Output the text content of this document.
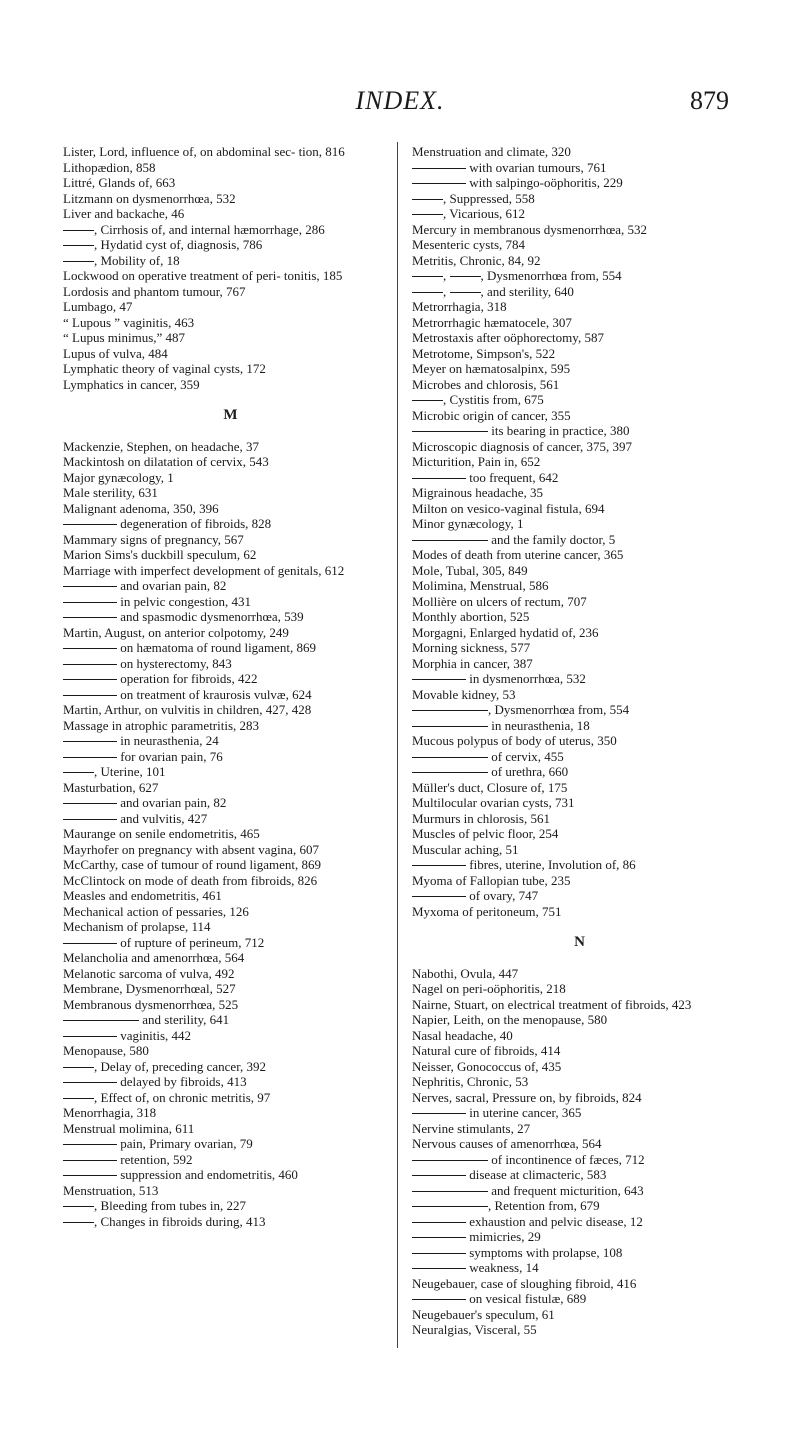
INDEX.	879

Lister, Lord, influence of, on abdominal sec- tion, 816

Lithopædion, 858

Littré, Glands of, 663

Litzmann on dysmenorrhœa, 532

Liver and backache, 46

, Cirrhosis of, and internal hæmorrhage, 286

, Hydatid cyst of, diagnosis, 786

, Mobility of, 18

Lockwood on operative treatment of peri- tonitis, 185

Lordosis and phantom tumour, 767

Lumbago, 47

“ Lupous ” vaginitis, 463

“ Lupus minimus,” 487

Lupus of vulva, 484

Lymphatic theory of vaginal cysts, 172

Lymphatics in cancer, 359

M

Mackenzie, Stephen, on headache, 37

Mackintosh on dilatation of cervix, 543

Major gynæcology, 1

Male sterility, 631

Malignant adenoma, 350, 396

degeneration of fibroids, 828

Mammary signs of pregnancy, 567

Marion Sims's duckbill speculum, 62

Marriage with imperfect development of genitals, 612

and ovarian pain, 82

in pelvic congestion, 431

and spasmodic dysmenorrhœa, 539

Martin, August, on anterior colpotomy, 249

on hæmatoma of round ligament, 869

on hysterectomy, 843

operation for fibroids, 422

on treatment of kraurosis vulvæ, 624

Martin, Arthur, on vulvitis in children, 427, 428

Massage in atrophic parametritis, 283

in neurasthenia, 24

for ovarian pain, 76

, Uterine, 101

Masturbation, 627

and ovarian pain, 82

and vulvitis, 427

Maurange on senile endometritis, 465

Mayrhofer on pregnancy with absent vagina, 607

McCarthy, case of tumour of round ligament, 869

McClintock on mode of death from fibroids, 826

Measles and endometritis, 461

Mechanical action of pessaries, 126

Mechanism of prolapse, 114

of rupture of perineum, 712

Melancholia and amenorrhœa, 564

Melanotic sarcoma of vulva, 492

Membrane, Dysmenorrhœal, 527

Membranous dysmenorrhœa, 525

and sterility, 641

vaginitis, 442

Menopause, 580

, Delay of, preceding cancer, 392

delayed by fibroids, 413

, Effect of, on chronic metritis, 97

Menorrhagia, 318

Menstrual molimina, 611

pain, Primary ovarian, 79

retention, 592

suppression and endometritis, 460

Menstruation, 513

, Bleeding from tubes in, 227

, Changes in fibroids during, 413

Menstruation and climate, 320

with ovarian tumours, 761

with salpingo-oöphoritis, 229

, Suppressed, 558

, Vicarious, 612

Mercury in membranous dysmenorrhœa, 532

Mesenteric cysts, 784

Metritis, Chronic, 84, 92

, , Dysmenorrhœa from, 554

, , and sterility, 640

Metrorrhagia, 318

Metrorrhagic hæmatocele, 307

Metrostaxis after oöphorectomy, 587

Metrotome, Simpson's, 522

Meyer on hæmatosalpinx, 595

Microbes and chlorosis, 561

, Cystitis from, 675

Microbic origin of cancer, 355

its bearing in practice, 380

Microscopic diagnosis of cancer, 375, 397

Micturition, Pain in, 652

too frequent, 642

Migrainous headache, 35

Milton on vesico-vaginal fistula, 694

Minor gynæcology, 1

and the family doctor, 5

Modes of death from uterine cancer, 365

Mole, Tubal, 305, 849

Molimina, Menstrual, 586

Mollière on ulcers of rectum, 707

Monthly abortion, 525

Morgagni, Enlarged hydatid of, 236

Morning sickness, 577

Morphia in cancer, 387

in dysmenorrhœa, 532

Movable kidney, 53

, Dysmenorrhœa from, 554

in neurasthenia, 18

Mucous polypus of body of uterus, 350

of cervix, 455

of urethra, 660

Müller's duct, Closure of, 175

Multilocular ovarian cysts, 731

Murmurs in chlorosis, 561

Muscles of pelvic floor, 254

Muscular aching, 51

fibres, uterine, Involution of, 86

Myoma of Fallopian tube, 235

of ovary, 747

Myxoma of peritoneum, 751

N

Nabothi, Ovula, 447

Nagel on peri-oöphoritis, 218

Nairne, Stuart, on electrical treatment of fibroids, 423

Napier, Leith, on the menopause, 580

Nasal headache, 40

Natural cure of fibroids, 414

Neisser, Gonococcus of, 435

Nephritis, Chronic, 53

Nerves, sacral, Pressure on, by fibroids, 824

in uterine cancer, 365

Nervine stimulants, 27

Nervous causes of amenorrhœa, 564

of incontinence of fæces, 712

disease at climacteric, 583

and frequent micturition, 643

, Retention from, 679

exhaustion and pelvic disease, 12

mimicries, 29

symptoms with prolapse, 108

weakness, 14

Neugebauer, case of sloughing fibroid, 416

on vesical fistulæ, 689

Neugebauer's speculum, 61

Neuralgias, Visceral, 55
